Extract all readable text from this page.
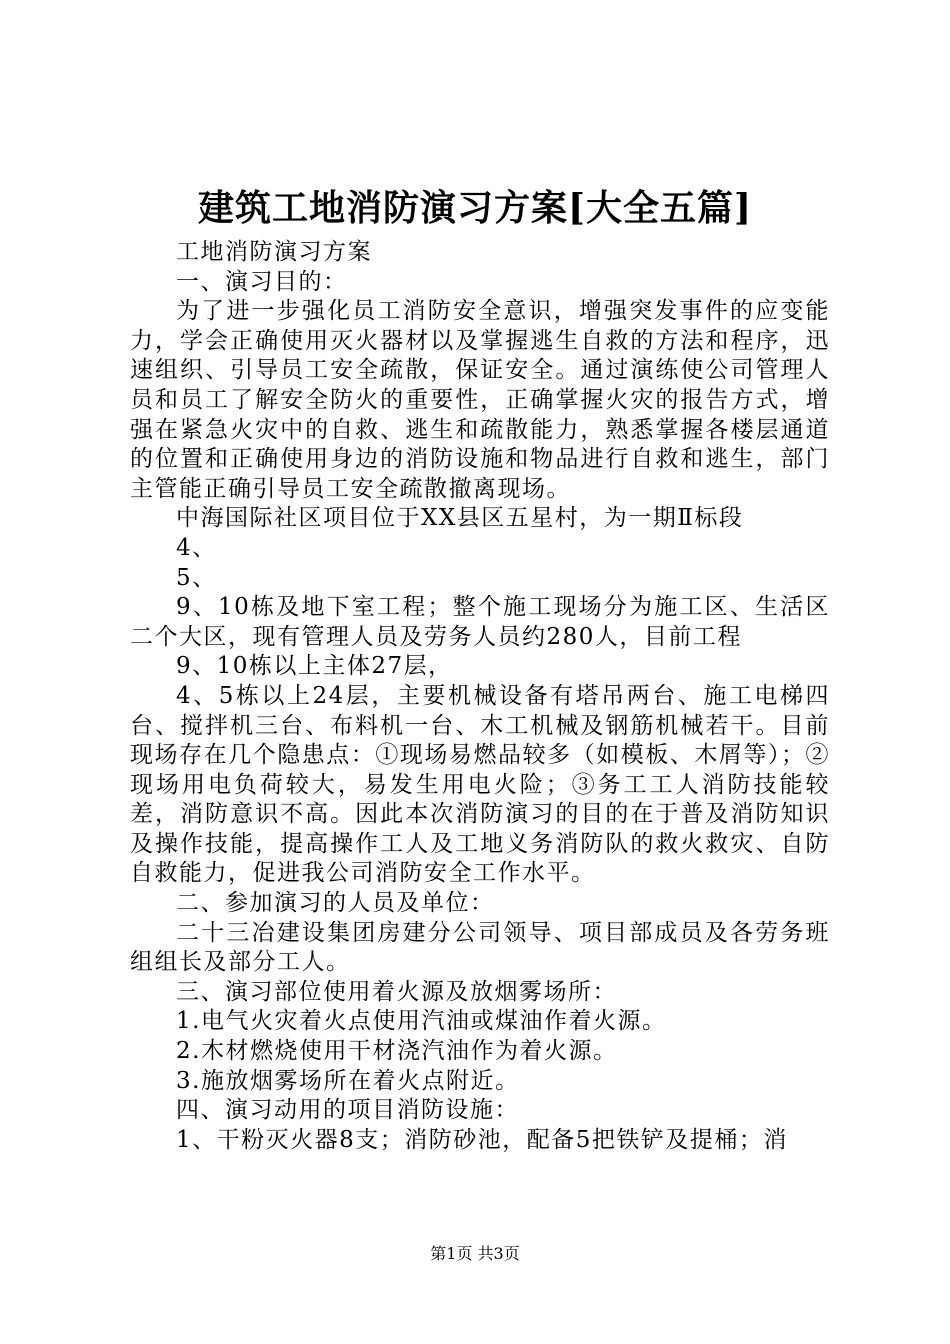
建筑工地消防演习方案[大全五篇]

工地消防演习方案

一、演习目的：

为了进一步强化员工消防安全意识，增强突发事件的应变能力，学会正确使用灭火器材以及掌握逃生自救的方法和程序，迅速组织、引导员工安全疏散，保证安全。通过演练使公司管理人员和员工了解安全防火的重要性，正确掌握火灾的报告方式，增强在紧急火灾中的自救、逃生和疏散能力，熟悉掌握各楼层通道的位置和正确使用身边的消防设施和物品进行自救和逃生，部门主管能正确引导员工安全疏散撤离现场。

中海国际社区项目位于XX县区五星村，为一期Ⅱ标段

4、

5、

9、10栋及地下室工程；整个施工现场分为施工区、生活区二个大区，现有管理人员及劳务人员约280人，目前工程

9、10栋以上主体27层，

4、5栋以上24层，主要机械设备有塔吊两台、施工电梯四台、搅拌机三台、布料机一台、木工机械及钢筋机械若干。目前现场存在几个隐患点：①现场易燃品较多（如模板、木屑等）；②现场用电负荷较大，易发生用电火险；③务工工人消防技能较差，消防意识不高。因此本次消防演习的目的在于普及消防知识及操作技能，提高操作工人及工地义务消防队的救火救灾、自防自救能力，促进我公司消防安全工作水平。

二、参加演习的人员及单位：

二十三冶建设集团房建分公司领导、项目部成员及各劳务班组组长及部分工人。

三、演习部位使用着火源及放烟雾场所：

1.电气火灾着火点使用汽油或煤油作着火源。

2.木材燃烧使用干材浇汽油作为着火源。

3.施放烟雾场所在着火点附近。

四、演习动用的项目消防设施：

1、干粉灭火器8支；消防砂池，配备5把铁铲及提桶；消

第1页 共3页
